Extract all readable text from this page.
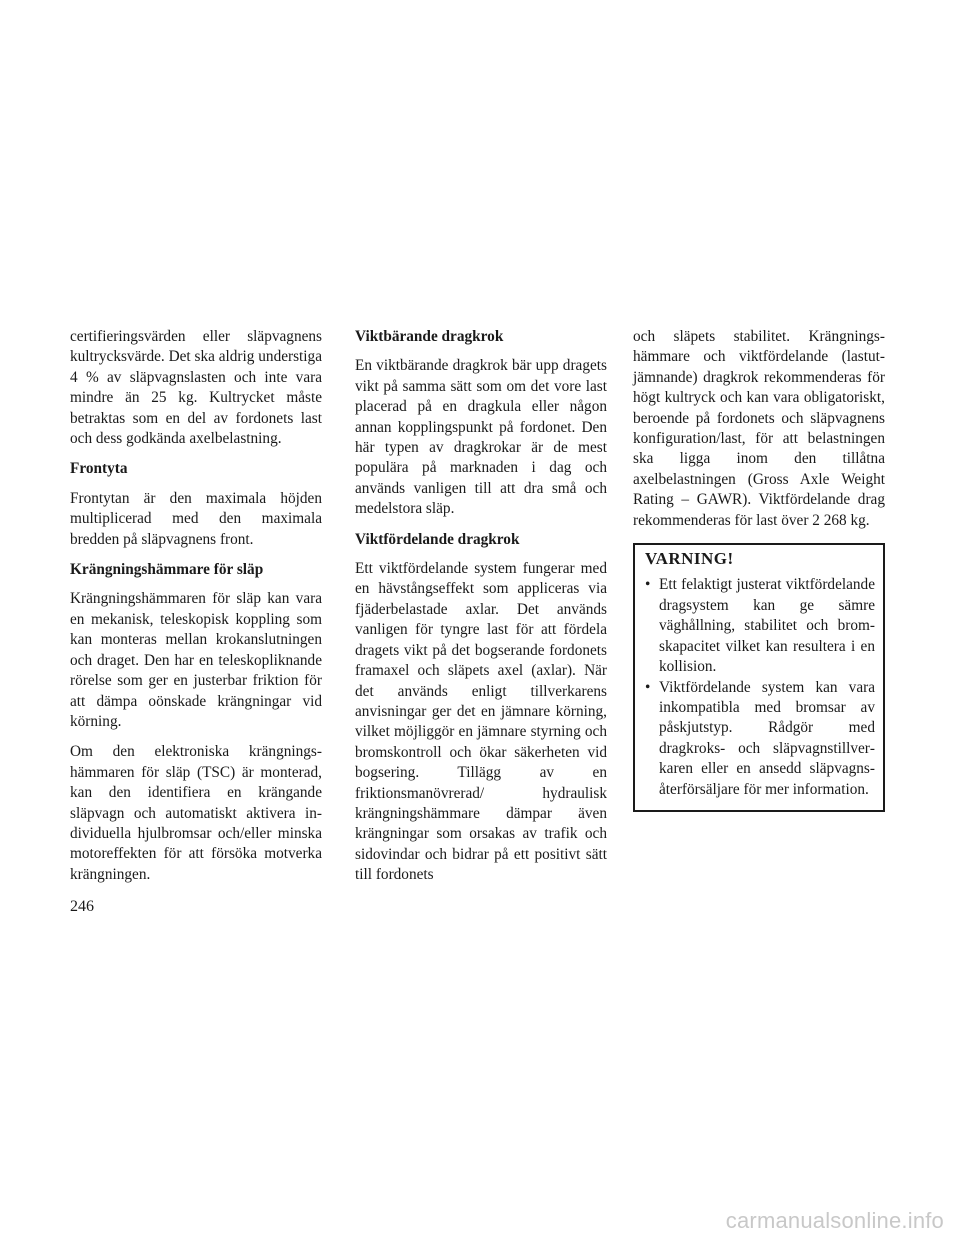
certifieringsvärden eller släpvagnens kultrycksvärde. Det ska aldrig understiga 4 % av släpvagnslasten och inte vara mindre än 25 kg. Kultrycket måste betraktas som en del av fordonets last och dess godkända axelbelastning.

Frontyta

Frontytan är den maximala höjden multiplicerad med den maximala bredden på släpvagnens front.

Krängningshämmare för släp

Krängningshämmaren för släp kan vara en mekanisk, teleskopisk koppling som kan monteras mellan krokanslutningen och draget. Den har en teleskopliknande rörelse som ger en justerbar friktion för att dämpa oönskade krängningar vid körning.

Om den elektroniska krängningshämmaren för släp (TSC) är monterad, kan den identifiera en krängande släpvagn och automatiskt aktivera individuella hjulbromsar och/eller minska motoreffekten för att försöka motverka krängningen.

Viktbärande dragkrok

En viktbärande dragkrok bär upp dragets vikt på samma sätt som om det vore last placerad på en dragkula eller någon annan kopplingspunkt på fordonet. Den här typen av dragkrokar är de mest populära på marknaden i dag och används vanligen till att dra små och medelstora släp.

Viktfördelande dragkrok

Ett viktfördelande system fungerar med en hävstångseffekt som appliceras via fjäderbelastade axlar. Det används vanligen för tyngre last för att fördela dragets vikt på det bogserande fordonets framaxel och släpets axel (axlar). När det används enligt tillverkarens anvisningar ger det en jämnare körning, vilket möjliggör en jämnare styrning och bromskontroll och ökar säkerheten vid bogsering. Tillägg av en friktionsmanövrerad/ hydraulisk krängningshämmare dämpar även krängningar som orsakas av trafik och sidovindar och bidrar på ett positivt sätt till fordonets

och släpets stabilitet. Krängningshämmare och viktfördelande (lastutjämnande) dragkrok rekommenderas för högt kultryck och kan vara obligatoriskt, beroende på fordonets och släpvagnens konfiguration/last, för att belastningen ska ligga inom den tillåtna axelbelastningen (Gross Axle Weight Rating – GAWR). Viktfördelande drag rekommenderas för last över 2 268 kg.

VARNING!
• Ett felaktigt justerat viktfördelande dragsystem kan ge sämre väghållning, stabilitet och bromskapacitet vilket kan resultera i en kollision.
• Viktfördelande system kan vara inkompatibla med bromsar av påskjutstyp. Rådgör med dragkroks- och släpvagnstillverkaren eller en ansedd släpvagnsåterförsäljare för mer information.
246
carmanualsonline.info
